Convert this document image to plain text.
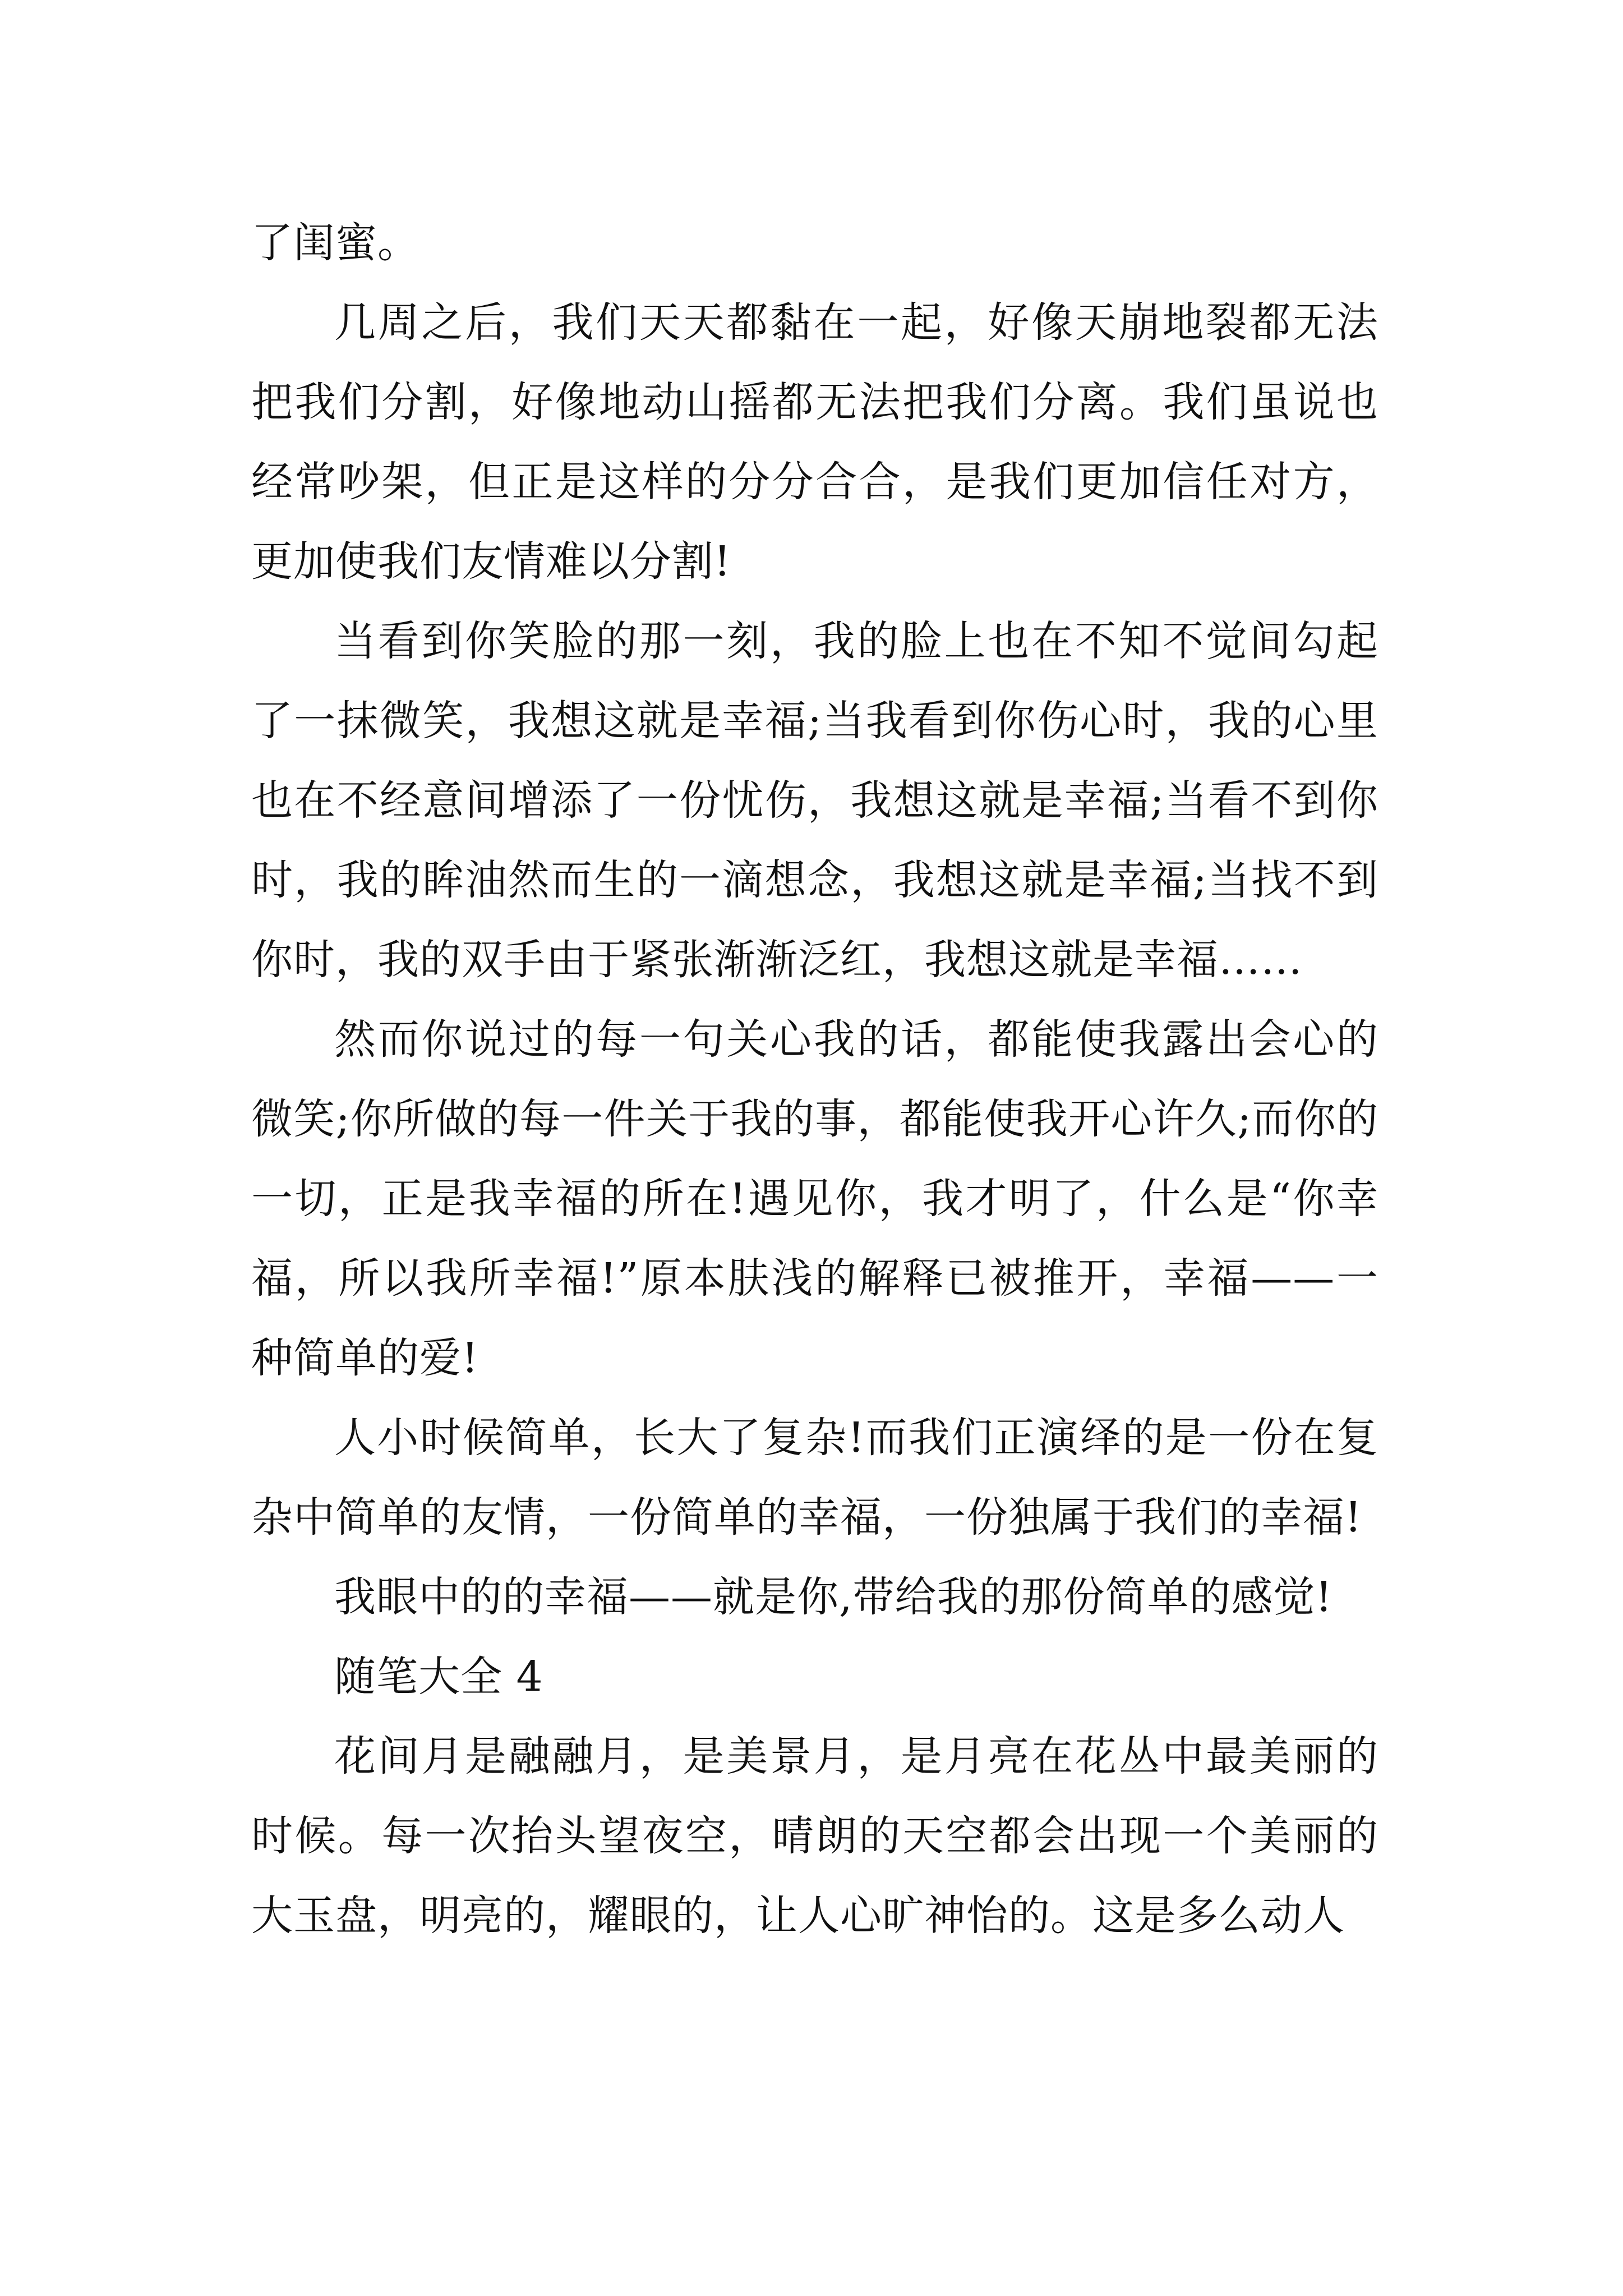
了闺蜜。

几周之后，我们天天都黏在一起，好像天崩地裂都无法把我们分割，好像地动山摇都无法把我们分离。我们虽说也经常吵架，但正是这样的分分合合，是我们更加信任对方，更加使我们友情难以分割!

当看到你笑脸的那一刻，我的脸上也在不知不觉间勾起了一抹微笑，我想这就是幸福;当我看到你伤心时，我的心里也在不经意间增添了一份忧伤，我想这就是幸福;当看不到你时，我的眸油然而生的一滴想念，我想这就是幸福;当找不到你时，我的双手由于紧张渐渐泛红，我想这就是幸福……

然而你说过的每一句关心我的话，都能使我露出会心的微笑;你所做的每一件关于我的事，都能使我开心许久;而你的一切，正是我幸福的所在!遇见你，我才明了，什么是“你幸福，所以我所幸福!”原本肤浅的解释已被推开，幸福——一种简单的爱!

人小时候简单，长大了复杂!而我们正演绎的是一份在复杂中简单的友情，一份简单的幸福，一份独属于我们的幸福!

我眼中的的幸福——就是你,带给我的那份简单的感觉!

随笔大全 4

花间月是融融月，是美景月，是月亮在花丛中最美丽的时候。每一次抬头望夜空，晴朗的天空都会出现一个美丽的大玉盘，明亮的，耀眼的，让人心旷神怡的。这是多么动人
